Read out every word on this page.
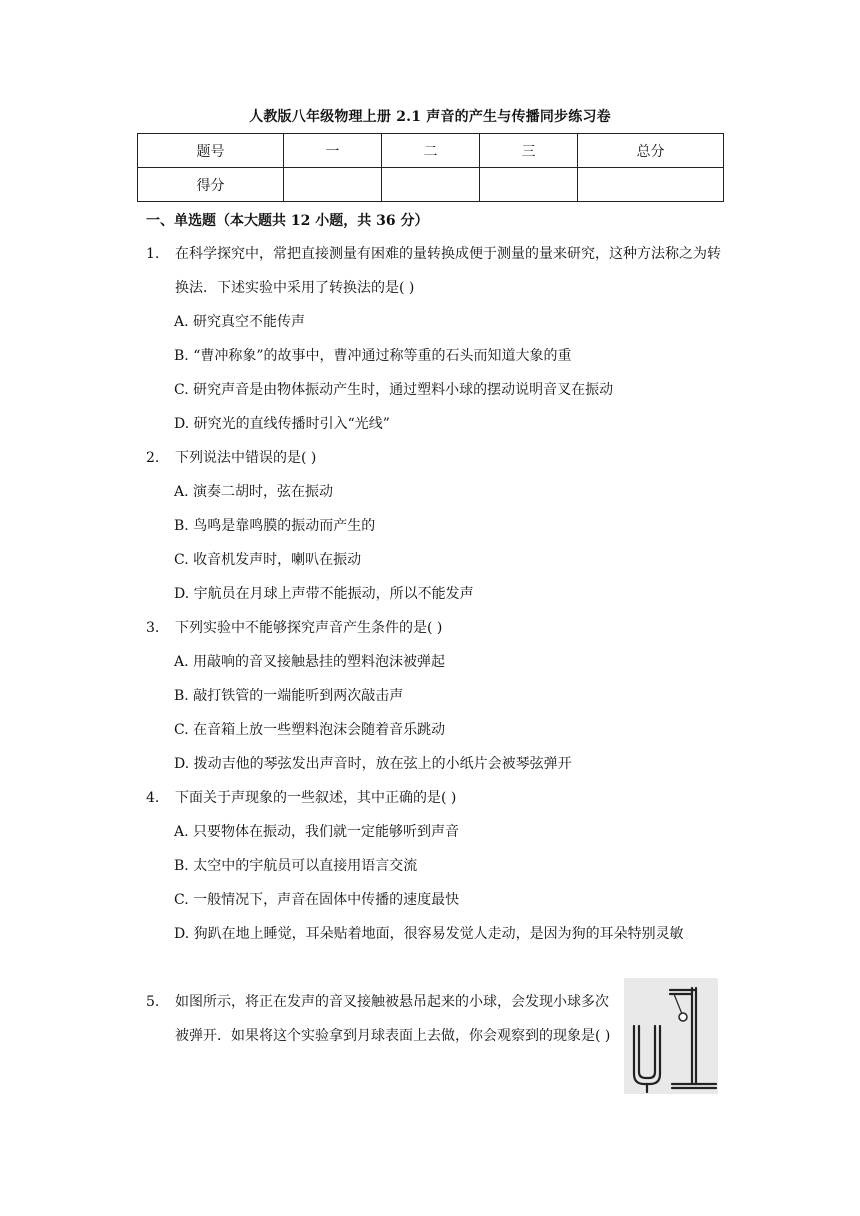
人教版八年级物理上册 2.1 声音的产生与传播同步练习卷
题号	一	二	三	总分
得分				
一、单选题（本大题共 12 小题，共 36 分）
1.	在科学探究中，常把直接测量有困难的量转换成便于测量的量来研究，这种方法称之为转换法．下述实验中采用了转换法的是( )
A. 研究真空不能传声
B. “曹冲称象”的故事中，曹冲通过称等重的石头而知道大象的重
C. 研究声音是由物体振动产生时，通过塑料小球的摆动说明音叉在振动
D. 研究光的直线传播时引入“光线”
2.	下列说法中错误的是( )
A. 演奏二胡时，弦在振动
B. 鸟鸣是靠鸣膜的振动而产生的
C. 收音机发声时，喇叭在振动
D. 宇航员在月球上声带不能振动，所以不能发声
3.	下列实验中不能够探究声音产生条件的是( )
A. 用敲响的音叉接触悬挂的塑料泡沫被弹起
B. 敲打铁管的一端能听到两次敲击声
C. 在音箱上放一些塑料泡沫会随着音乐跳动
D. 拨动吉他的琴弦发出声音时，放在弦上的小纸片会被琴弦弹开
4.	下面关于声现象的一些叙述，其中正确的是( )
A. 只要物体在振动，我们就一定能够听到声音
B. 太空中的宇航员可以直接用语言交流
C. 一般情况下，声音在固体中传播的速度最快
D. 狗趴在地上睡觉，耳朵贴着地面，很容易发觉人走动，是因为狗的耳朵特别灵敏
5.	如图所示，将正在发声的音叉接触被悬吊起来的小球，会发现小球多次被弹开．如果将这个实验拿到月球表面上去做，你会观察到的现象是( )
